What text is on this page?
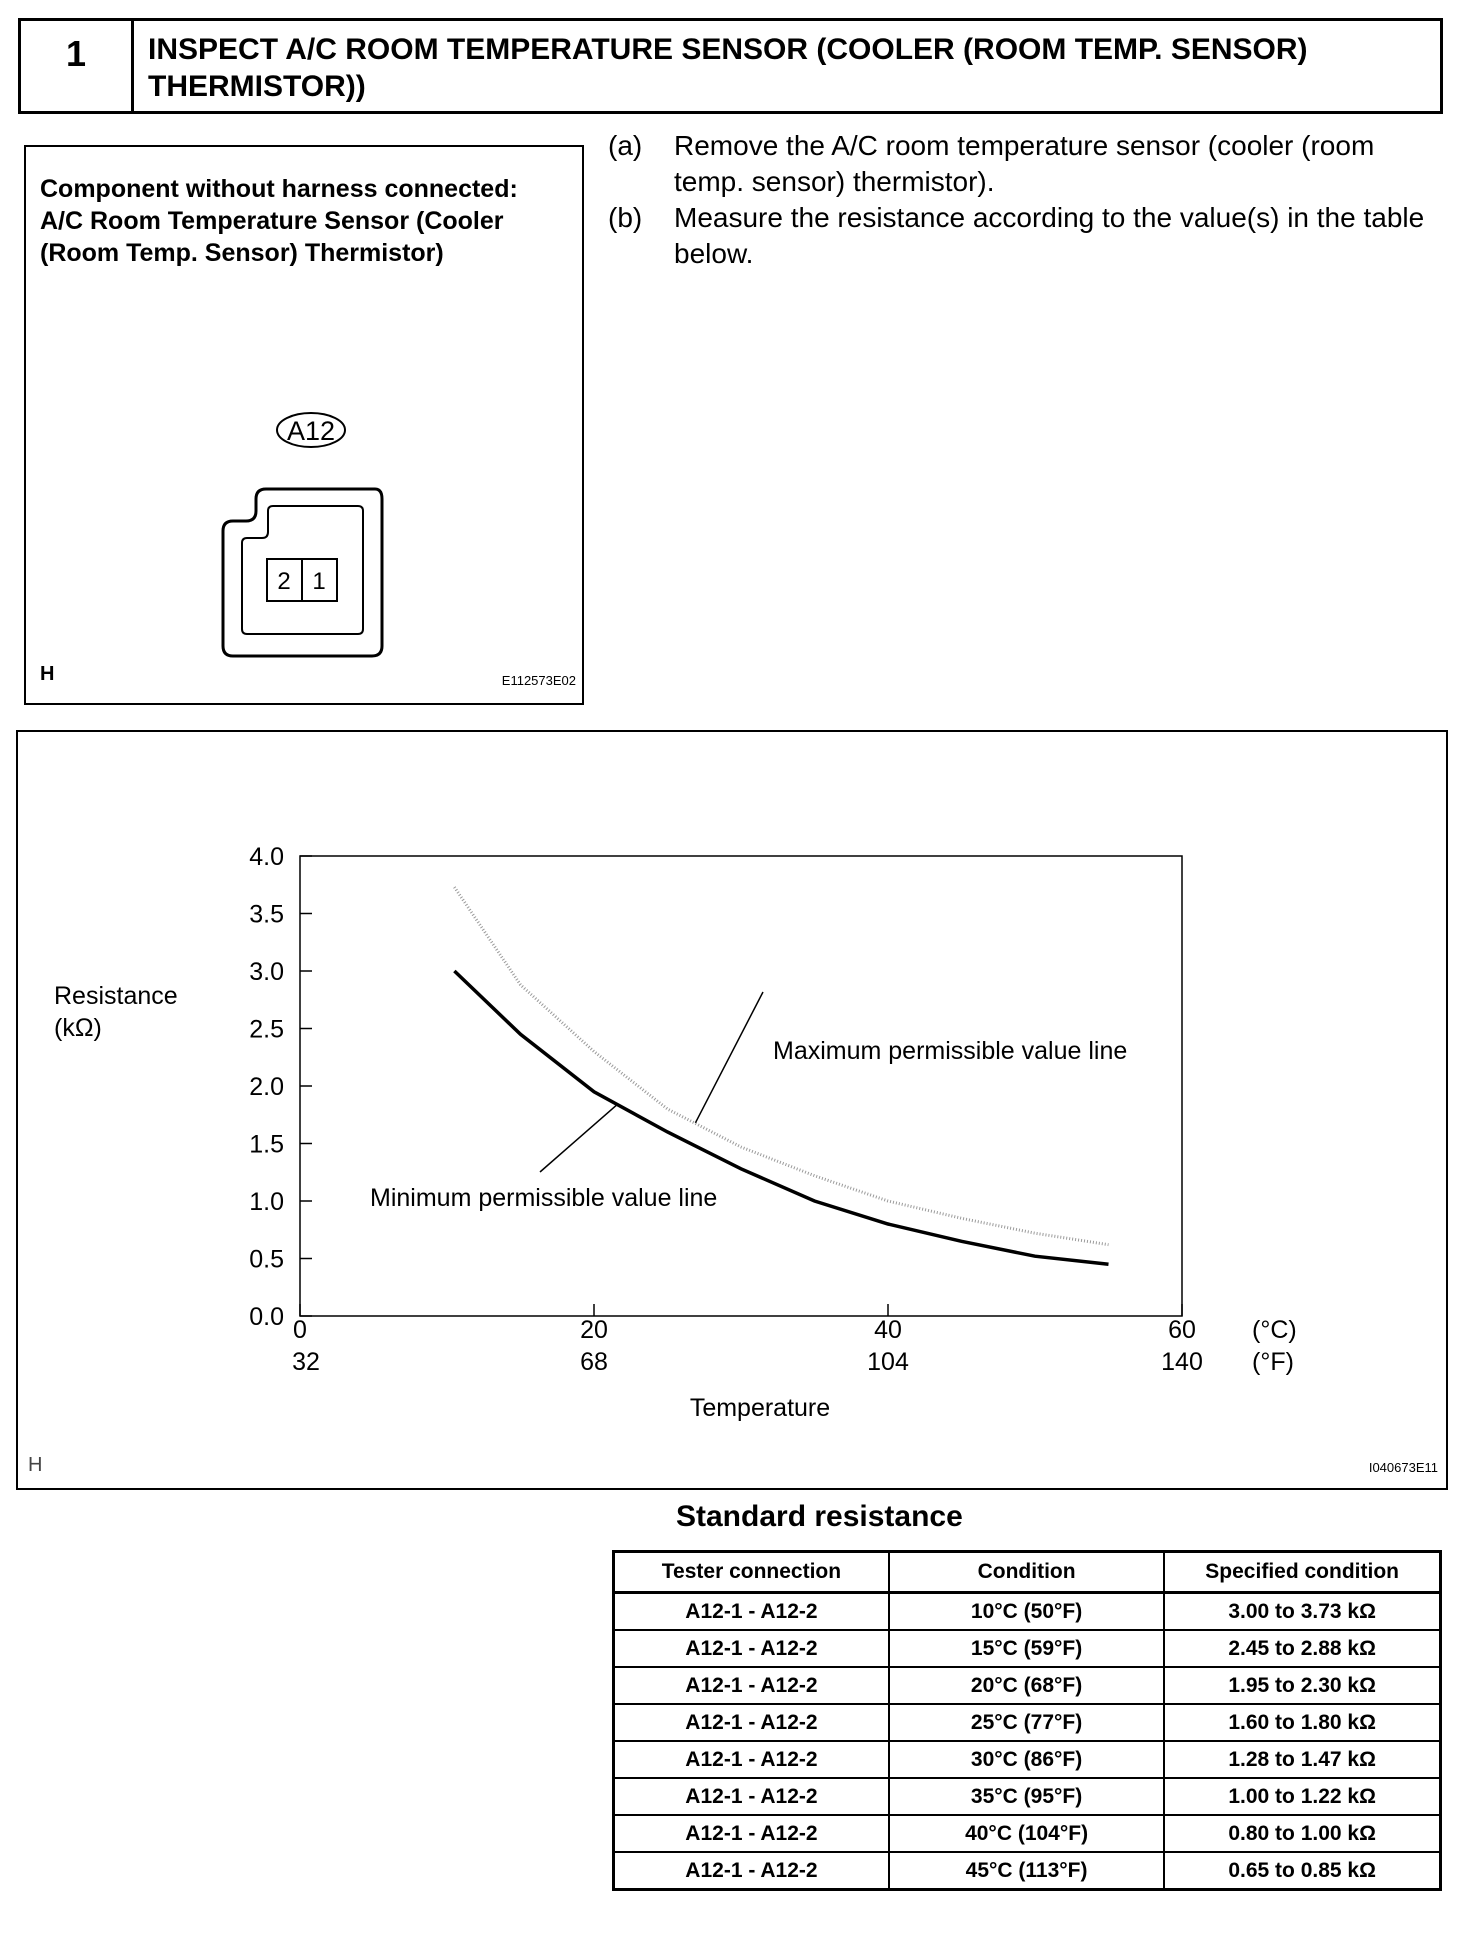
1	INSPECT A/C ROOM TEMPERATURE SENSOR (COOLER (ROOM TEMP. SENSOR) THERMISTOR))
Component without harness connected:
A/C Room Temperature Sensor (Cooler
(Room Temp. Sensor) Thermistor)
A12
2 1
H	E112573E02
(a)	Remove the A/C room temperature sensor (cooler (room temp. sensor) thermistor).
(b)	Measure the resistance according to the value(s) in the table below.
0.0
0.5
1.0
1.5
2.0
2.5
3.0
3.5
4.0
0
32
20
68
40
104
60
140
Resistance
(kΩ)
Maximum permissible value line
Minimum permissible value line
(°C)
(°F)
Temperature
H	I040673E11
Standard resistance
Tester connection	Condition	Specified condition
A12-1 - A12-2	10°C (50°F)	3.00 to 3.73 kΩ
A12-1 - A12-2	15°C (59°F)	2.45 to 2.88 kΩ
A12-1 - A12-2	20°C (68°F)	1.95 to 2.30 kΩ
A12-1 - A12-2	25°C (77°F)	1.60 to 1.80 kΩ
A12-1 - A12-2	30°C (86°F)	1.28 to 1.47 kΩ
A12-1 - A12-2	35°C (95°F)	1.00 to 1.22 kΩ
A12-1 - A12-2	40°C (104°F)	0.80 to 1.00 kΩ
A12-1 - A12-2	45°C (113°F)	0.65 to 0.85 kΩ
